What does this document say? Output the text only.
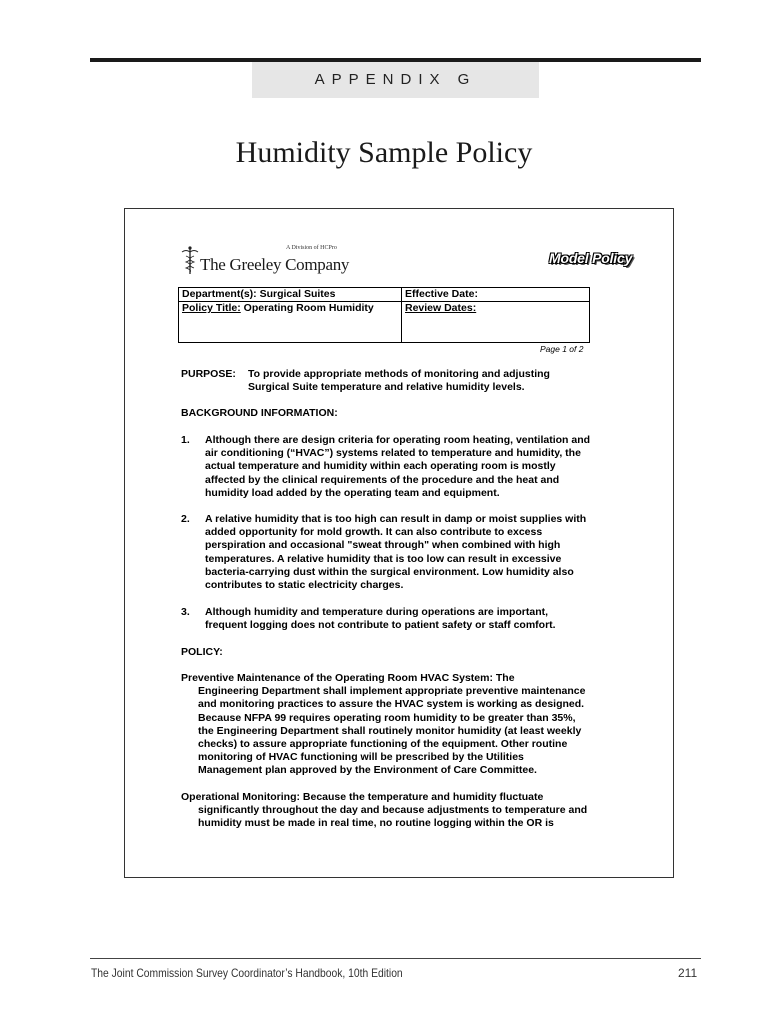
APPENDIX G
Humidity Sample Policy
A Division of HCPro
The Greeley Company	Model Policy
Department(s): Surgical Suites	Effective Date:
Policy Title: Operating Room Humidity	Review Dates:
Page 1 of 2
PURPOSE: To provide appropriate methods of monitoring and adjusting
Surgical Suite temperature and relative humidity levels.
BACKGROUND INFORMATION:
1. Although there are design criteria for operating room heating, ventilation and
air conditioning (“HVAC”) systems related to temperature and humidity, the
actual temperature and humidity within each operating room is mostly
affected by the clinical requirements of the procedure and the heat and
humidity load added by the operating team and equipment.
2. A relative humidity that is too high can result in damp or moist supplies with
added opportunity for mold growth. It can also contribute to excess
perspiration and occasional "sweat through" when combined with high
temperatures. A relative humidity that is too low can result in excessive
bacteria-carrying dust within the surgical environment. Low humidity also
contributes to static electricity charges.
3. Although humidity and temperature during operations are important,
frequent logging does not contribute to patient safety or staff comfort.
POLICY:
Preventive Maintenance of the Operating Room HVAC System: The
Engineering Department shall implement appropriate preventive maintenance
and monitoring practices to assure the HVAC system is working as designed.
Because NFPA 99 requires operating room humidity to be greater than 35%,
the Engineering Department shall routinely monitor humidity (at least weekly
checks) to assure appropriate functioning of the equipment. Other routine
monitoring of HVAC functioning will be prescribed by the Utilities
Management plan approved by the Environment of Care Committee.
Operational Monitoring: Because the temperature and humidity fluctuate
significantly throughout the day and because adjustments to temperature and
humidity must be made in real time, no routine logging within the OR is
The Joint Commission Survey Coordinator’s Handbook, 10th Edition	211
